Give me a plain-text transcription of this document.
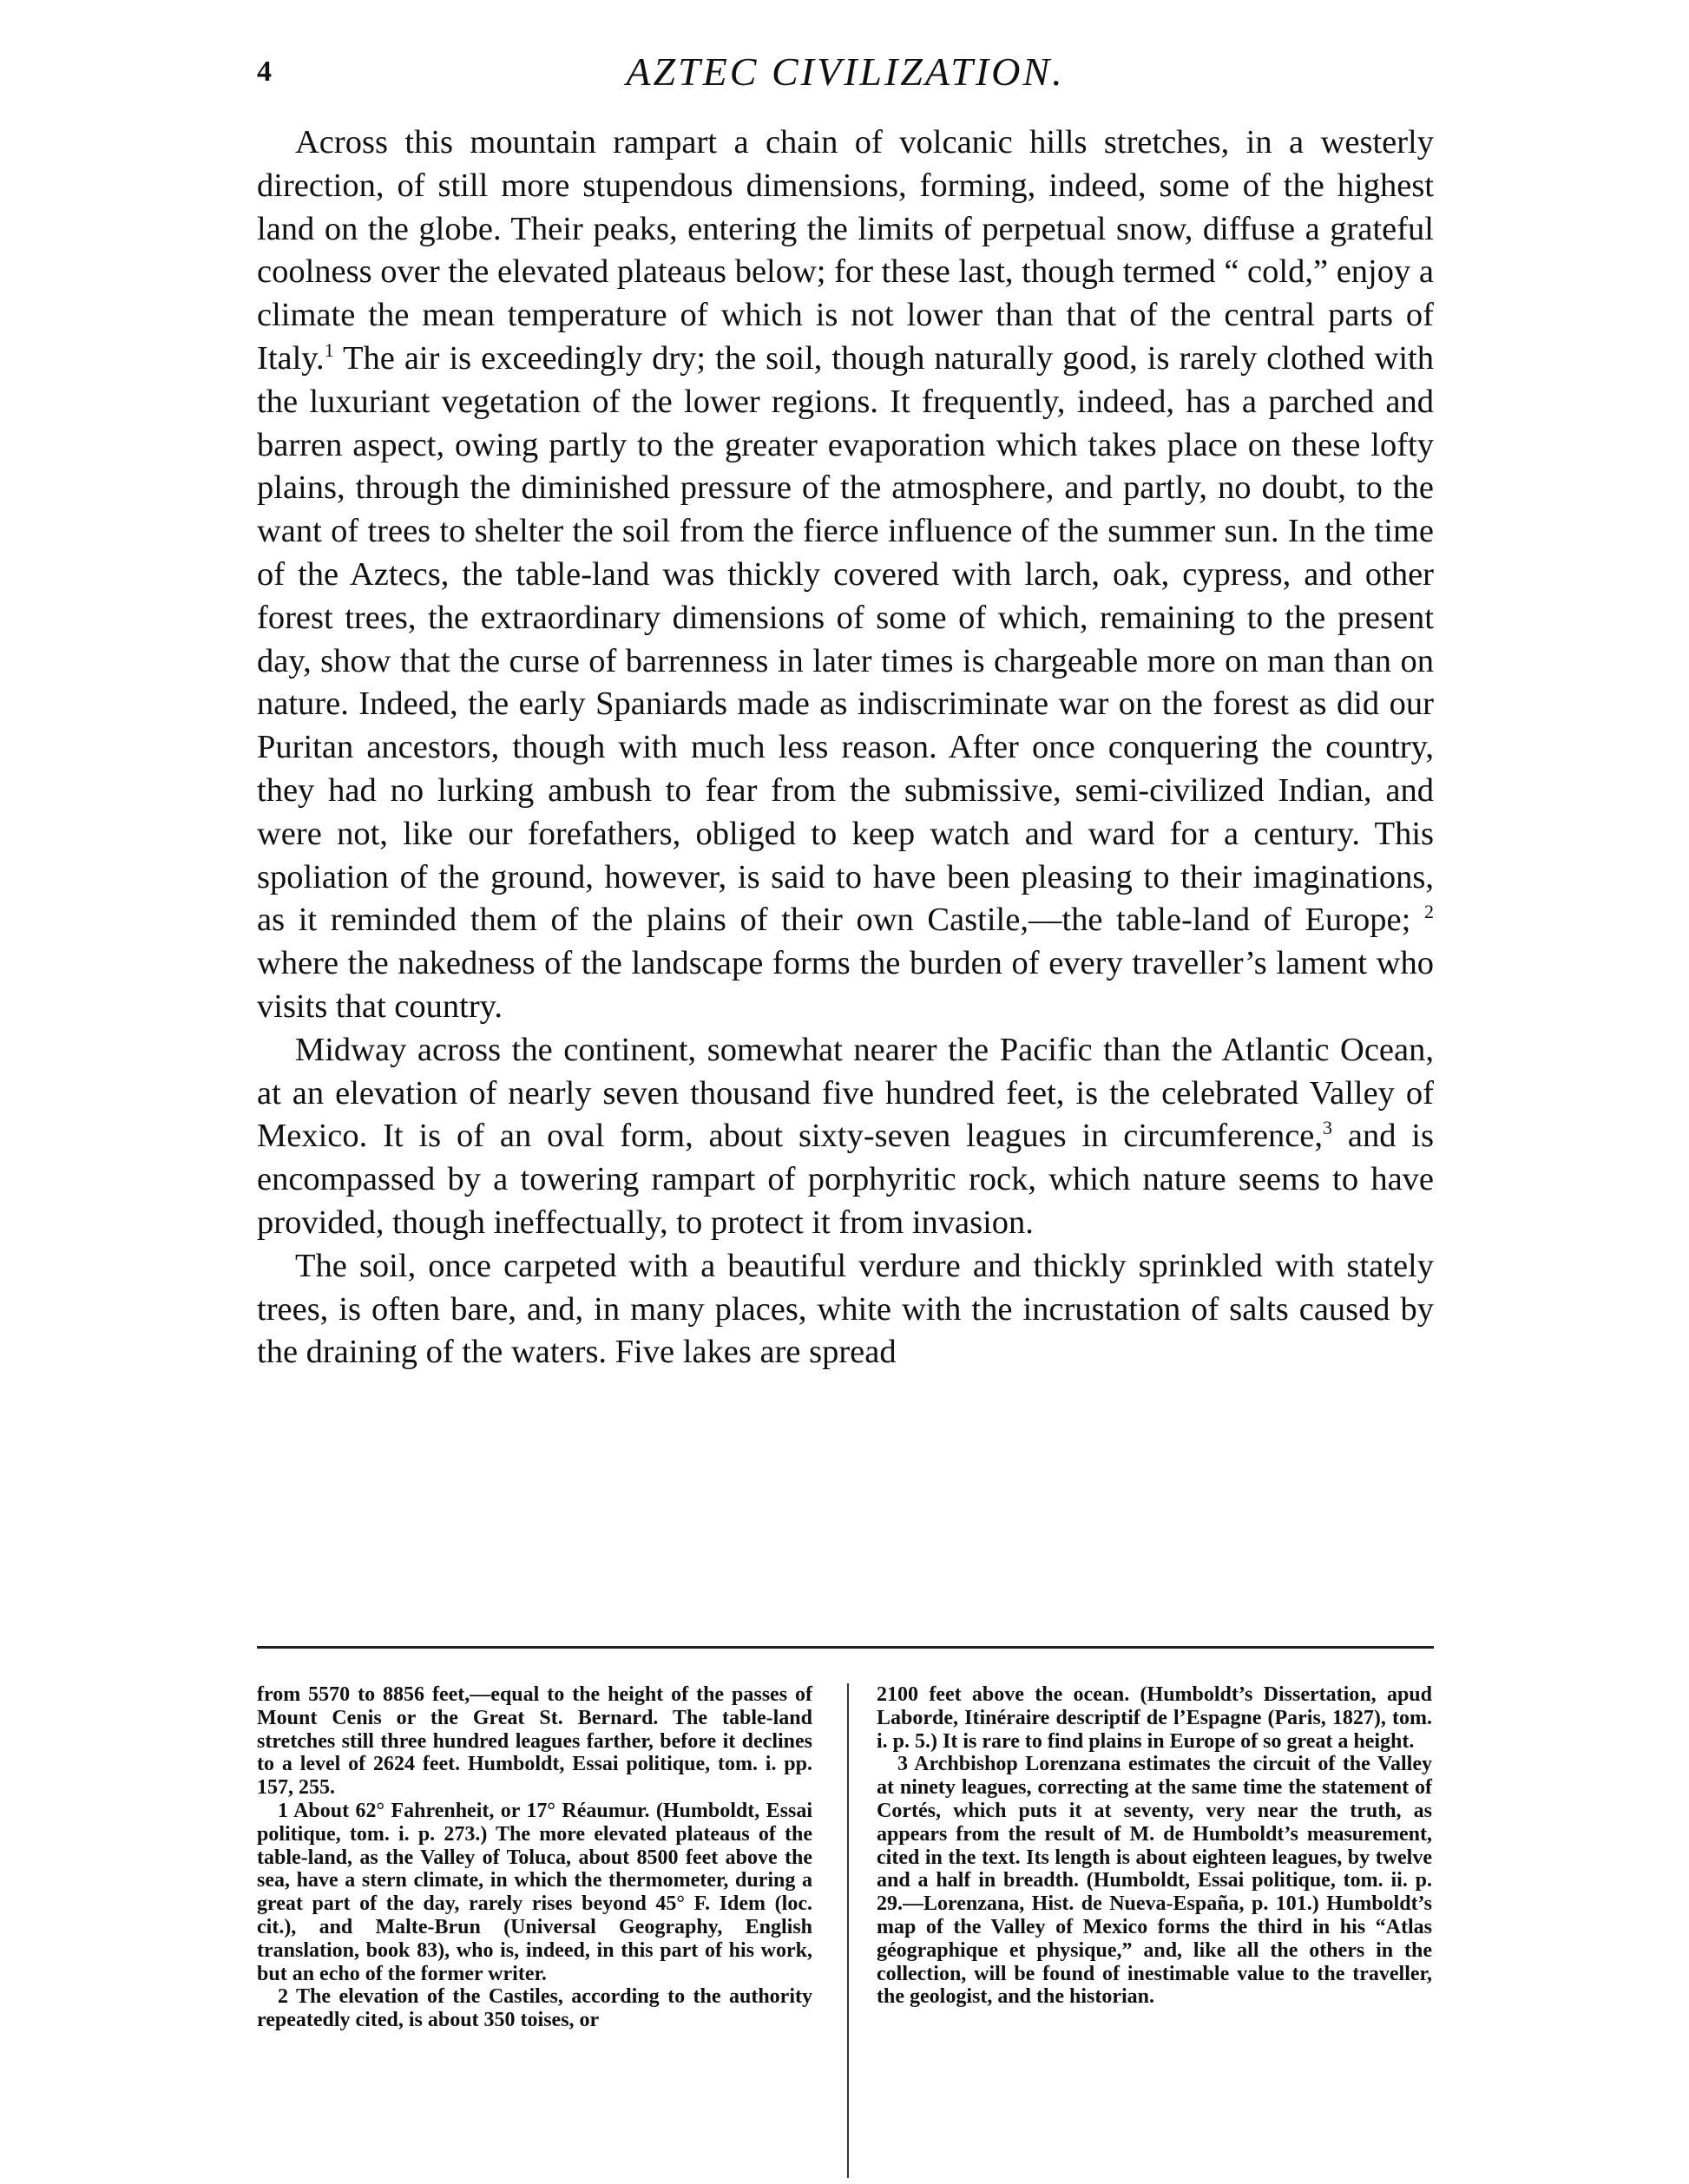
4	AZTEC CIVILIZATION.

Across this mountain rampart a chain of volcanic hills stretches, in a westerly direction, of still more stupendous dimensions, forming, indeed, some of the highest land on the globe. Their peaks, entering the limits of perpetual snow, diffuse a grateful coolness over the elevated plateaus below; for these last, though termed “ cold,” enjoy a climate the mean temperature of which is not lower than that of the central parts of Italy.$^1$ The air is exceedingly dry; the soil, though naturally good, is rarely clothed with the luxuriant vegetation of the lower regions. It frequently, indeed, has a parched and barren aspect, owing partly to the greater evaporation which takes place on these lofty plains, through the diminished pressure of the atmosphere, and partly, no doubt, to the want of trees to shelter the soil from the fierce influence of the summer sun. In the time of the Aztecs, the table-land was thickly covered with larch, oak, cypress, and other forest trees, the extraordinary dimensions of some of which, remaining to the present day, show that the curse of barrenness in later times is chargeable more on man than on nature. Indeed, the early Spaniards made as indiscriminate war on the forest as did our Puritan ancestors, though with much less reason. After once conquering the country, they had no lurking ambush to fear from the submissive, semi-civilized Indian, and were not, like our forefathers, obliged to keep watch and ward for a century. This spoliation of the ground, however, is said to have been pleasing to their imaginations, as it reminded them of the plains of their own Castile,—the table-land of Europe; $^2$ where the nakedness of the landscape forms the burden of every traveller’s lament who visits that country.

Midway across the continent, somewhat nearer the Pacific than the Atlantic Ocean, at an elevation of nearly seven thousand five hundred feet, is the celebrated Valley of Mexico. It is of an oval form, about sixty-seven leagues in circumference,$^3$ and is encompassed by a towering rampart of porphyritic rock, which nature seems to have provided, though ineffectually, to protect it from invasion.

The soil, once carpeted with a beautiful verdure and thickly sprinkled with stately trees, is often bare, and, in many places, white with the incrustation of salts caused by the draining of the waters. Five lakes are spread

from 5570 to 8856 feet,—equal to the height of the passes of Mount Cenis or the Great St. Bernard. The table-land stretches still three hundred leagues farther, before it declines to a level of 2624 feet. Humboldt, Essai politique, tom. i. pp. 157, 255.

1 About 62° Fahrenheit, or 17° Réaumur. (Humboldt, Essai politique, tom. i. p. 273.) The more elevated plateaus of the table-land, as the Valley of Toluca, about 8500 feet above the sea, have a stern climate, in which the thermometer, during a great part of the day, rarely rises beyond 45° F. Idem (loc. cit.), and Malte-Brun (Universal Geography, English translation, book 83), who is, indeed, in this part of his work, but an echo of the former writer.

2 The elevation of the Castiles, according to the authority repeatedly cited, is about 350 toises, or

2100 feet above the ocean. (Humboldt’s Dissertation, apud Laborde, Itinéraire descriptif de l’Espagne (Paris, 1827), tom. i. p. 5.) It is rare to find plains in Europe of so great a height.

3 Archbishop Lorenzana estimates the circuit of the Valley at ninety leagues, correcting at the same time the statement of Cortés, which puts it at seventy, very near the truth, as appears from the result of M. de Humboldt’s measurement, cited in the text. Its length is about eighteen leagues, by twelve and a half in breadth. (Humboldt, Essai politique, tom. ii. p. 29.—Lorenzana, Hist. de Nueva-España, p. 101.) Humboldt’s map of the Valley of Mexico forms the third in his “Atlas géographique et physique,” and, like all the others in the collection, will be found of inestimable value to the traveller, the geologist, and the historian.
